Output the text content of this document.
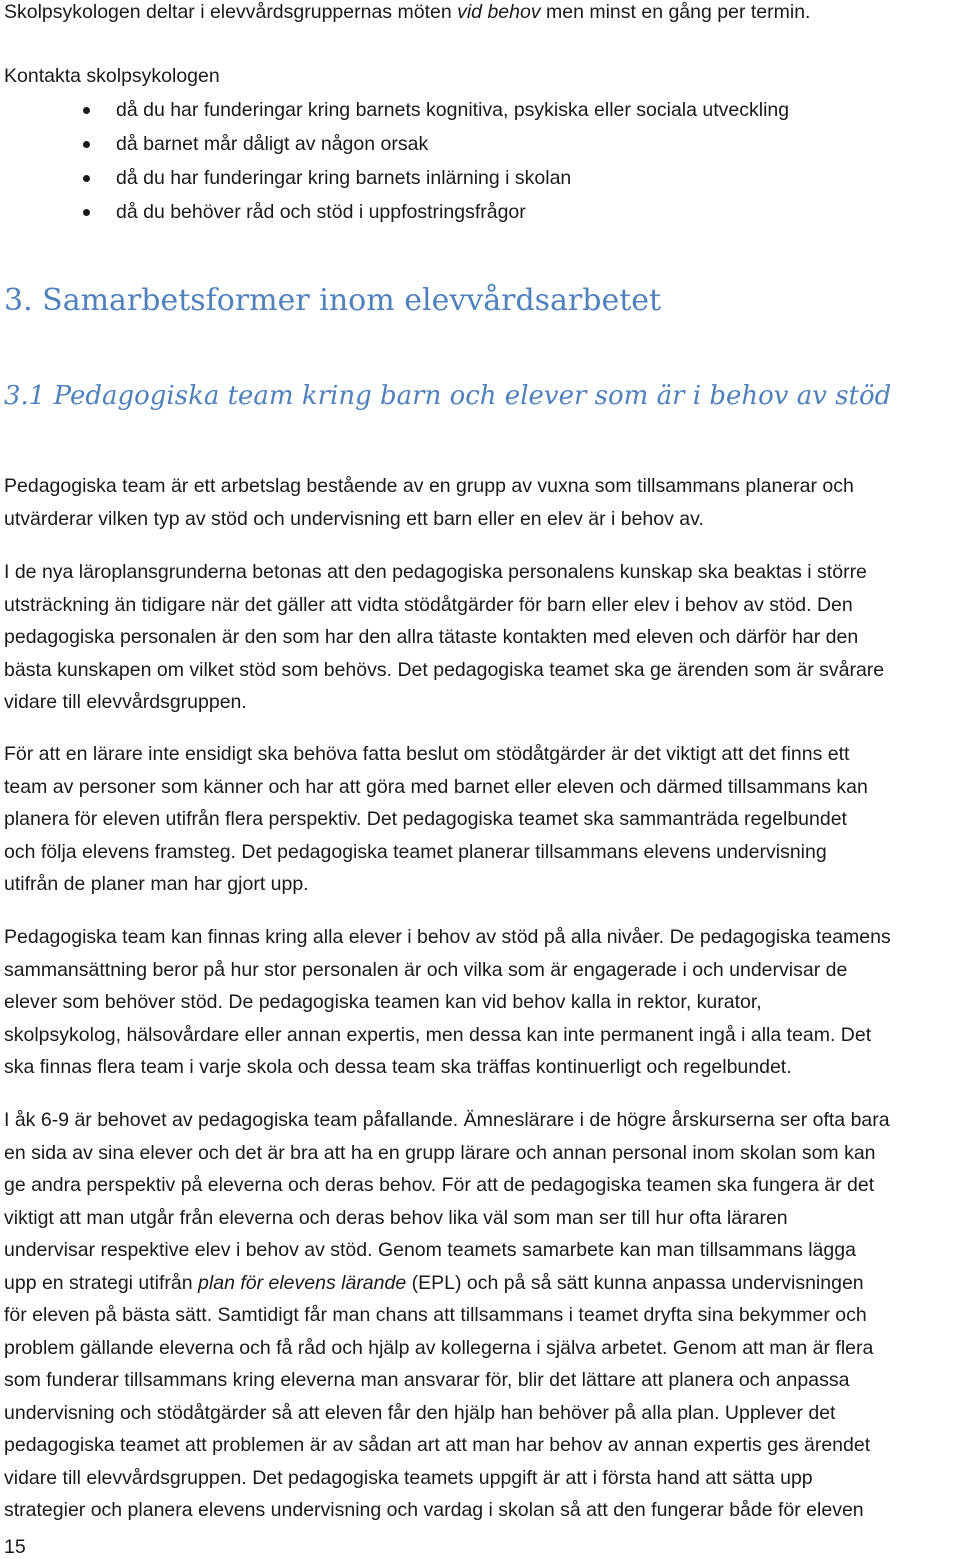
Skolpsykologen deltar i elevvårdsgruppernas möten vid behov men minst en gång per termin.
Kontakta skolpsykologen
då du har funderingar kring barnets kognitiva, psykiska eller sociala utveckling
då barnet mår dåligt av någon orsak
då du har funderingar kring barnets inlärning i skolan
då du behöver råd och stöd i uppfostringsfrågor
3. Samarbetsformer inom elevvårdsarbetet
3.1 Pedagogiska team kring barn och elever som är i behov av stöd
Pedagogiska team är ett arbetslag bestående av en grupp av vuxna som tillsammans planerar och
utvärderar vilken typ av stöd och undervisning ett barn eller en elev är i behov av.
I de nya läroplansgrunderna betonas att den pedagogiska personalens kunskap ska beaktas i större
utsträckning än tidigare när det gäller att vidta stödåtgärder för barn eller elev i behov av stöd. Den
pedagogiska personalen är den som har den allra tätaste kontakten med eleven och därför har den
bästa kunskapen om vilket stöd som behövs. Det pedagogiska teamet ska ge ärenden som är svårare
vidare till elevvårdsgruppen.
För att en lärare inte ensidigt ska behöva fatta beslut om stödåtgärder är det viktigt att det finns ett
team av personer som känner och har att göra med barnet eller eleven och därmed tillsammans kan
planera för eleven utifrån flera perspektiv. Det pedagogiska teamet ska sammanträda regelbundet
och följa elevens framsteg. Det pedagogiska teamet planerar tillsammans elevens undervisning
utifrån de planer man har gjort upp.
Pedagogiska team kan finnas kring alla elever i behov av stöd på alla nivåer. De pedagogiska teamens
sammansättning beror på hur stor personalen är och vilka som är engagerade i och undervisar de
elever som behöver stöd. De pedagogiska teamen kan vid behov kalla in rektor, kurator,
skolpsykolog, hälsovårdare eller annan expertis, men dessa kan inte permanent ingå i alla team. Det
ska finnas flera team i varje skola och dessa team ska träffas kontinuerligt och regelbundet.
I åk 6-9 är behovet av pedagogiska team påfallande. Ämneslärare i de högre årskurserna ser ofta bara
en sida av sina elever och det är bra att ha en grupp lärare och annan personal inom skolan som kan
ge andra perspektiv på eleverna och deras behov. För att de pedagogiska teamen ska fungera är det
viktigt att man utgår från eleverna och deras behov lika väl som man ser till hur ofta läraren
undervisar respektive elev i behov av stöd. Genom teamets samarbete kan man tillsammans lägga
upp en strategi utifrån plan för elevens lärande (EPL) och på så sätt kunna anpassa undervisningen
för eleven på bästa sätt. Samtidigt får man chans att tillsammans i teamet dryfta sina bekymmer och
problem gällande eleverna och få råd och hjälp av kollegerna i själva arbetet. Genom att man är flera
som funderar tillsammans kring eleverna man ansvarar för, blir det lättare att planera och anpassa
undervisning och stödåtgärder så att eleven får den hjälp han behöver på alla plan. Upplever det
pedagogiska teamet att problemen är av sådan art att man har behov av annan expertis ges ärendet
vidare till elevvårdsgruppen. Det pedagogiska teamets uppgift är att i första hand att sätta upp
strategier och planera elevens undervisning och vardag i skolan så att den fungerar både för eleven
15
